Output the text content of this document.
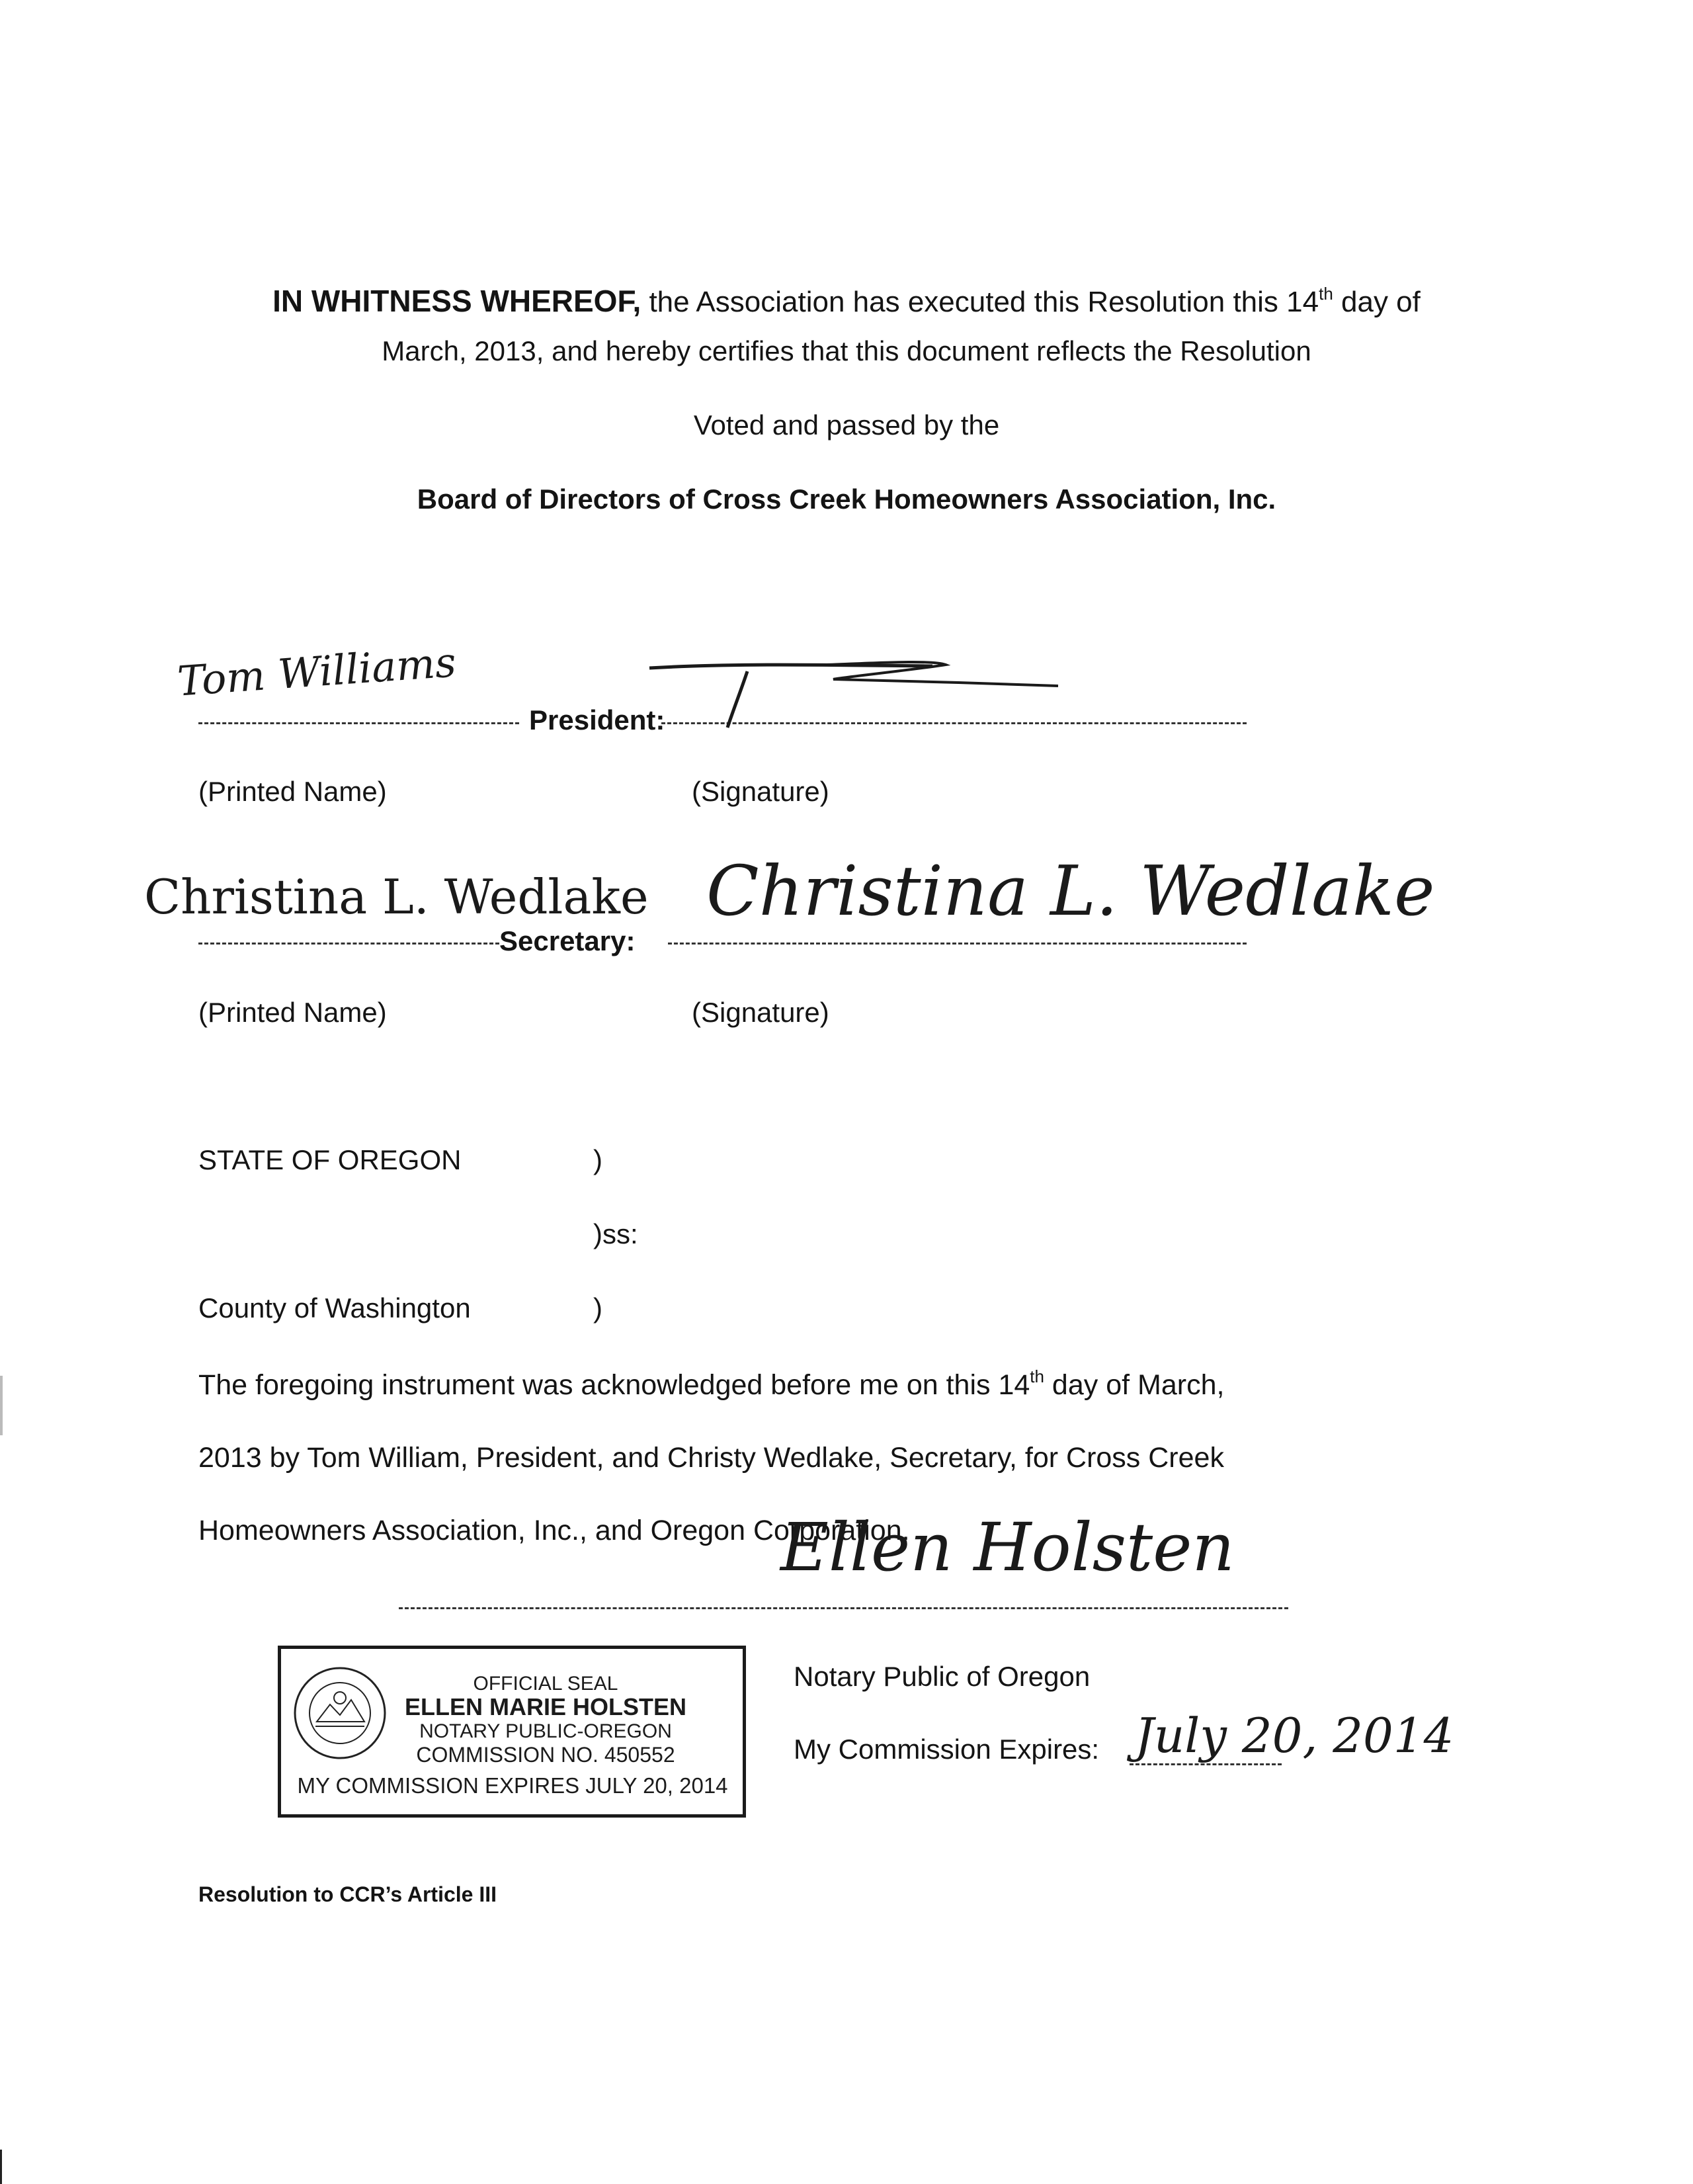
IN WHITNESS WHEREOF, the Association has executed this Resolution this 14th day of
March, 2013, and hereby certifies that this document reflects the Resolution
Voted and passed by the
Board of Directors of Cross Creek Homeowners Association, Inc.
Tom Williams
President:
(Printed Name)	(Signature)
Christina L. Wedlake
Secretary:
Christina L. Wedlake
(Printed Name)	(Signature)
STATE OF OREGON	)
)ss:
County of Washington	)
The foregoing instrument was acknowledged before me on this 14th day of March,
2013 by Tom William, President, and Christy Wedlake, Secretary, for Cross Creek
Homeowners Association, Inc., and Oregon Corporation.
Ellen Holsten
OFFICIAL SEAL
ELLEN MARIE HOLSTEN
NOTARY PUBLIC-OREGON
COMMISSION NO. 450552
MY COMMISSION EXPIRES JULY 20, 2014
Notary Public of Oregon
My Commission Expires: July 20, 2014
Resolution to CCR’s Article III
